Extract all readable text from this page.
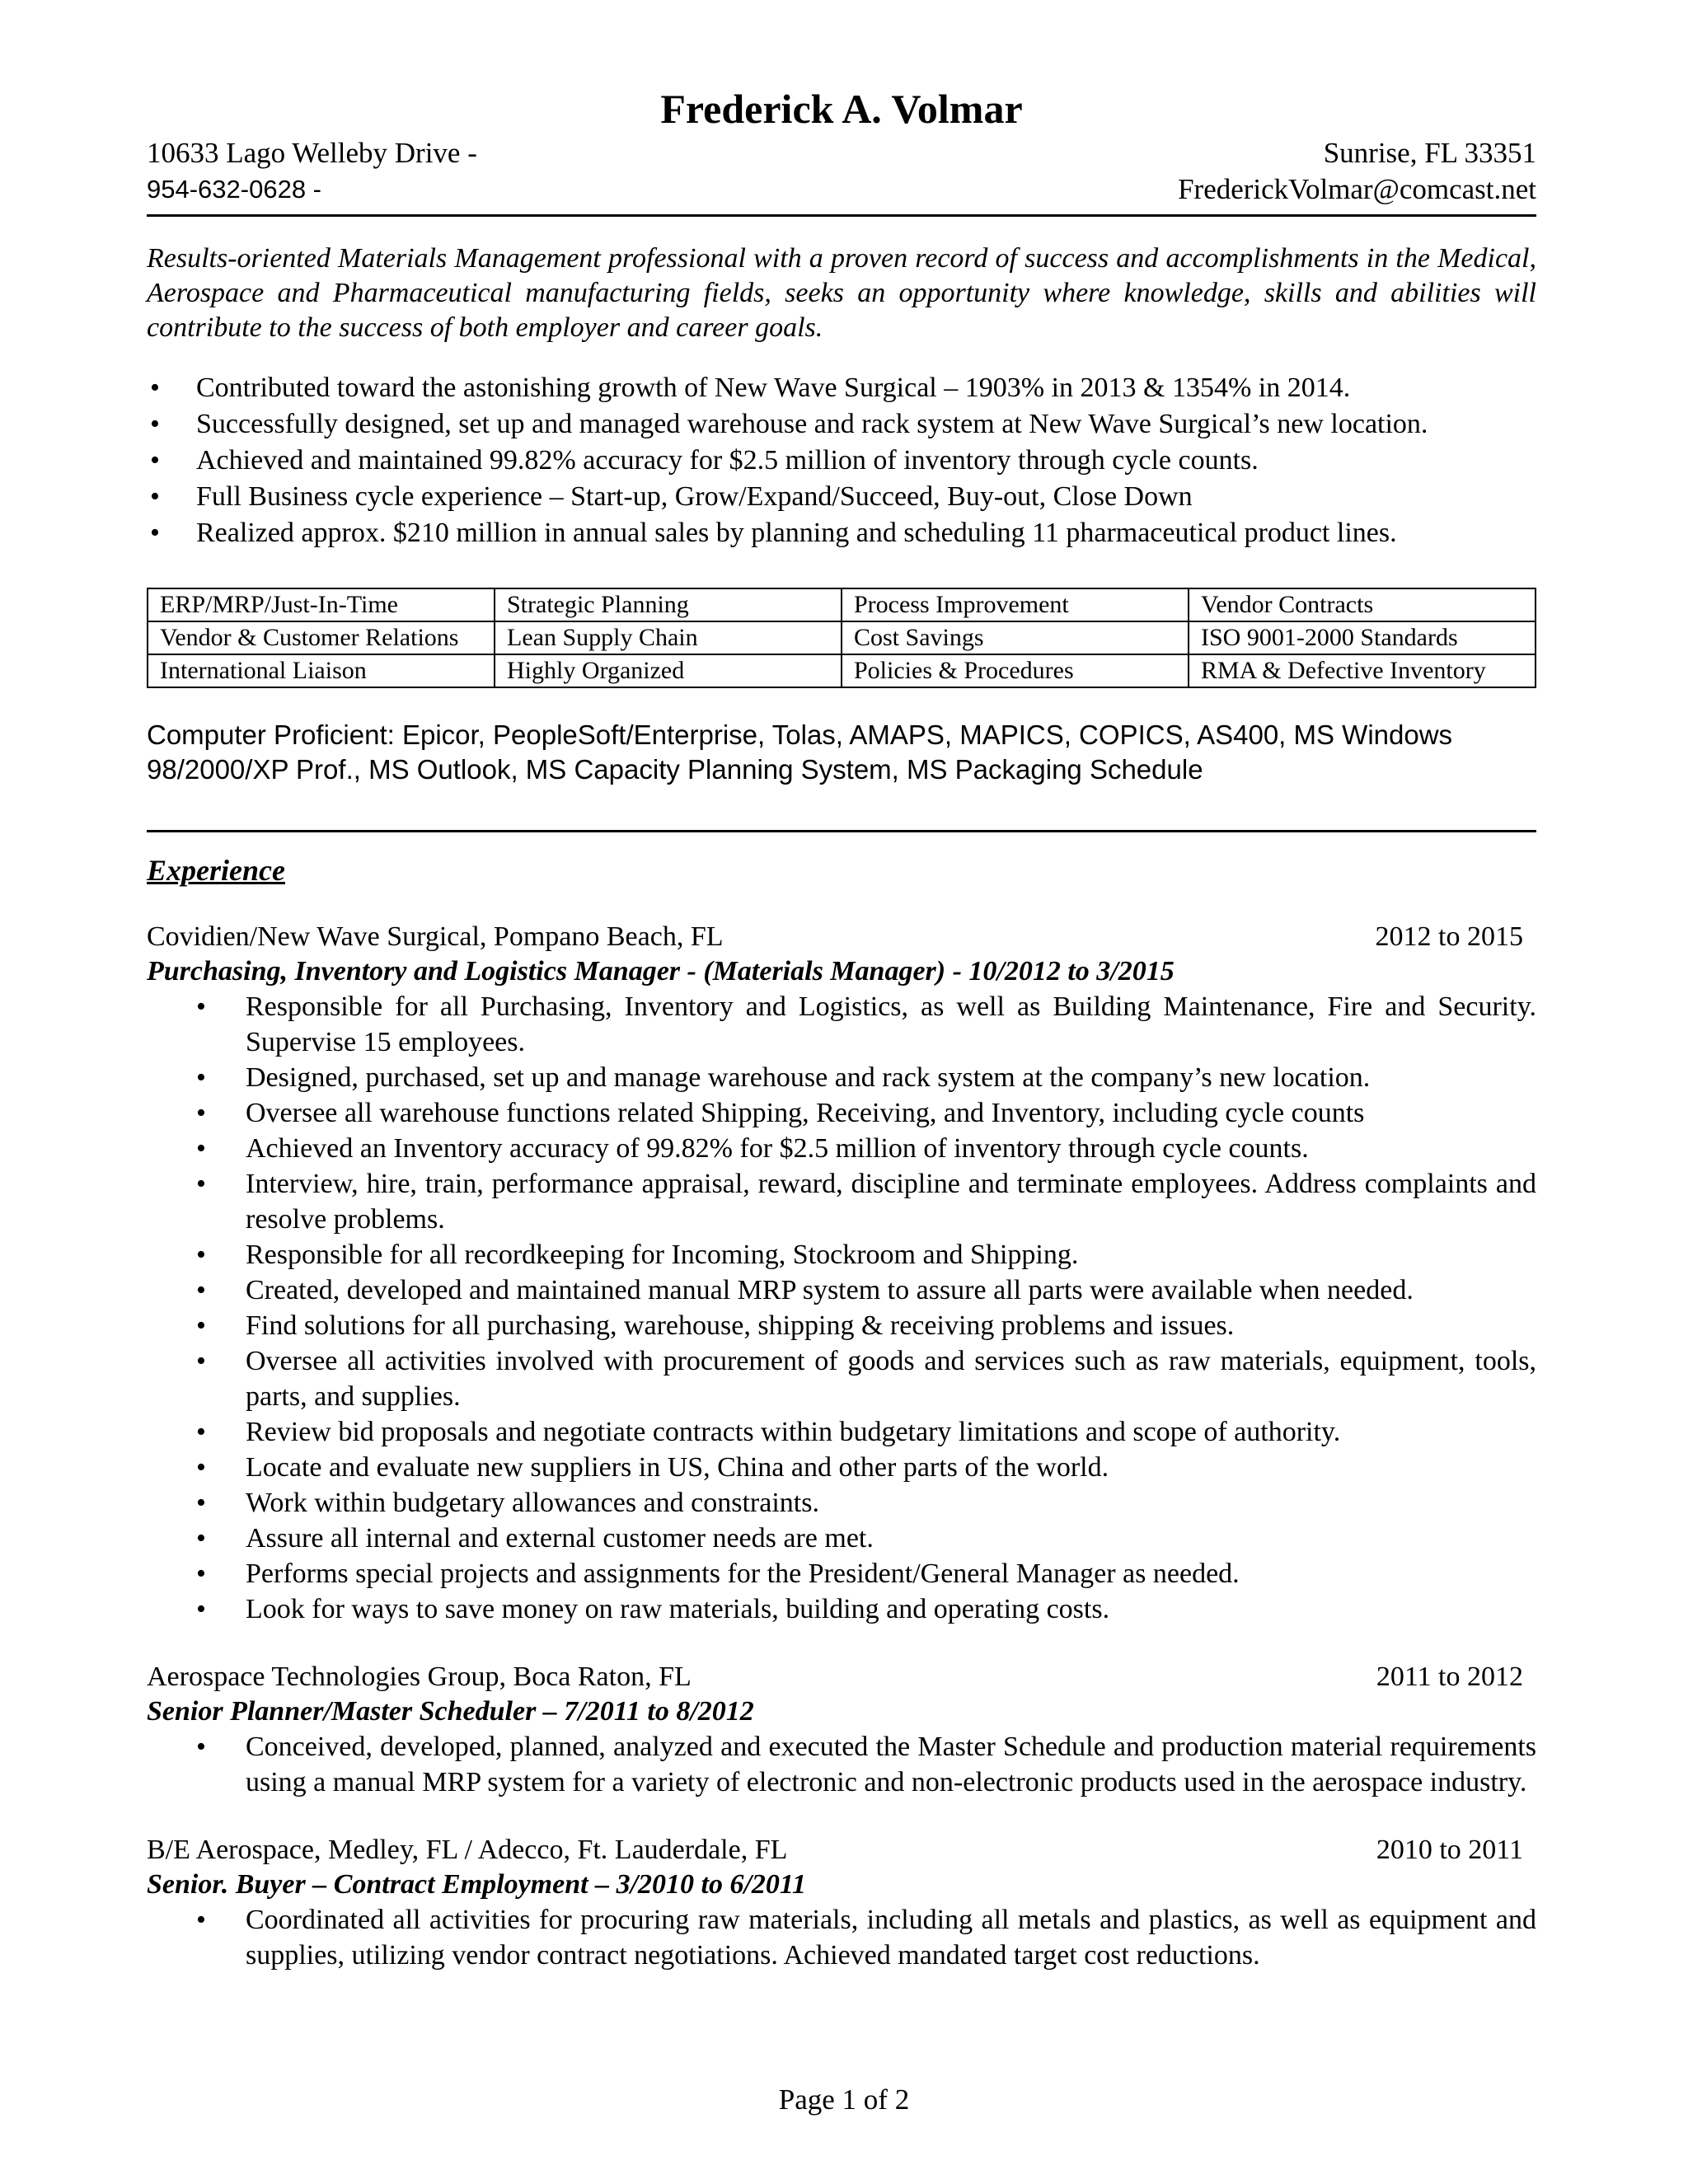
Frederick A. Volmar
10633 Lago Welleby Drive -	Sunrise, FL 33351
954-632-0628 -	FrederickVolmar@comcast.net
Results-oriented Materials Management professional with a proven record of success and accomplishments in the Medical, Aerospace and Pharmaceutical manufacturing fields, seeks an opportunity where knowledge, skills and abilities will contribute to the success of both employer and career goals.
• Contributed toward the astonishing growth of New Wave Surgical – 1903% in 2013 & 1354% in 2014.
• Successfully designed, set up and managed warehouse and rack system at New Wave Surgical’s new location.
• Achieved and maintained 99.82% accuracy for $2.5 million of inventory through cycle counts.
• Full Business cycle experience – Start-up, Grow/Expand/Succeed, Buy-out, Close Down
• Realized approx. $210 million in annual sales by planning and scheduling 11 pharmaceutical product lines.
ERP/MRP/Just-In-Time	Strategic Planning	Process Improvement	Vendor Contracts
Vendor & Customer Relations	Lean Supply Chain	Cost Savings	ISO 9001-2000 Standards
International Liaison	Highly Organized	Policies & Procedures	RMA & Defective Inventory
Computer Proficient: Epicor, PeopleSoft/Enterprise, Tolas, AMAPS, MAPICS, COPICS, AS400, MS Windows 98/2000/XP Prof., MS Outlook, MS Capacity Planning System, MS Packaging Schedule
Experience
Covidien/New Wave Surgical, Pompano Beach, FL	2012 to 2015
Purchasing, Inventory and Logistics Manager - (Materials Manager) - 10/2012 to 3/2015
• Responsible for all Purchasing, Inventory and Logistics, as well as Building Maintenance, Fire and Security. Supervise 15 employees.
• Designed, purchased, set up and manage warehouse and rack system at the company’s new location.
• Oversee all warehouse functions related Shipping, Receiving, and Inventory, including cycle counts
• Achieved an Inventory accuracy of 99.82% for $2.5 million of inventory through cycle counts.
• Interview, hire, train, performance appraisal, reward, discipline and terminate employees. Address complaints and resolve problems.
• Responsible for all recordkeeping for Incoming, Stockroom and Shipping.
• Created, developed and maintained manual MRP system to assure all parts were available when needed.
• Find solutions for all purchasing, warehouse, shipping & receiving problems and issues.
• Oversee all activities involved with procurement of goods and services such as raw materials, equipment, tools, parts, and supplies.
• Review bid proposals and negotiate contracts within budgetary limitations and scope of authority.
• Locate and evaluate new suppliers in US, China and other parts of the world.
• Work within budgetary allowances and constraints.
• Assure all internal and external customer needs are met.
• Performs special projects and assignments for the President/General Manager as needed.
• Look for ways to save money on raw materials, building and operating costs.
Aerospace Technologies Group, Boca Raton, FL	2011 to 2012
Senior Planner/Master Scheduler – 7/2011 to 8/2012
• Conceived, developed, planned, analyzed and executed the Master Schedule and production material requirements using a manual MRP system for a variety of electronic and non-electronic products used in the aerospace industry.
B/E Aerospace, Medley, FL / Adecco, Ft. Lauderdale, FL	2010 to 2011
Senior. Buyer – Contract Employment – 3/2010 to 6/2011
• Coordinated all activities for procuring raw materials, including all metals and plastics, as well as equipment and supplies, utilizing vendor contract negotiations. Achieved mandated target cost reductions.
Page 1 of 2
